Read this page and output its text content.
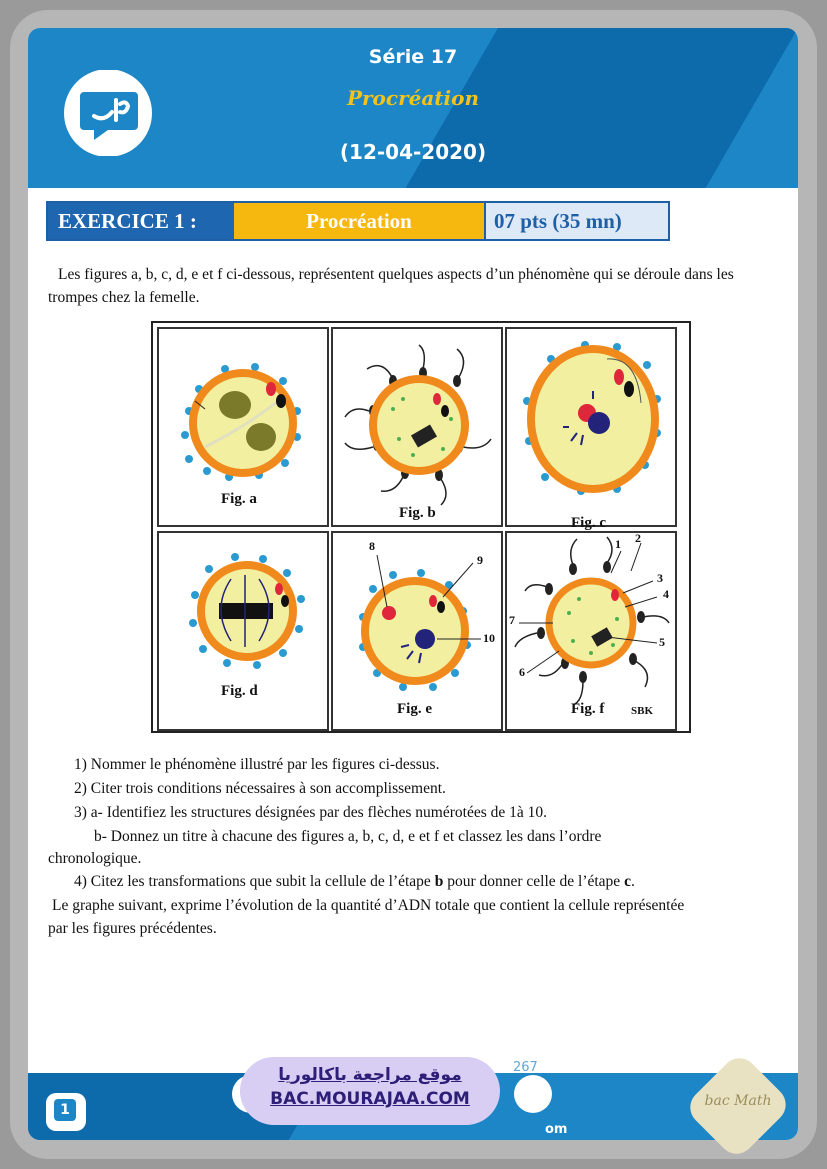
Série 17
Procréation
(12-04-2020)
EXERCICE 1 :	Procréation	07 pts (35 mn)
Les figures a, b, c, d, e et f ci-dessous, représentent quelques aspects d’un phénomène qui se déroule dans les trompes chez la femelle.
Fig. a
Fig. b
Fig. c
Fig. d
8
9
10
Fig. e
1 2
3
4
5
6
7
Fig. f SBK
1) Nommer le phénomène illustré par les figures ci-dessus.
2) Citer trois conditions nécessaires à son accomplissement.
3) a- Identifiez les structures désignées par des flèches numérotées de 1à 10.
b- Donnez un titre à chacune des figures a, b, c, d, e et f et classez les dans l’ordre
chronologique.
4) Citez les transformations que subit la cellule de l’étape b pour donner celle de l’étape c.
Le graphe suivant, exprime l’évolution de la quantité d’ADN totale que contient la cellule représentée
par les figures précédentes.
1
267
om
موقع مراجعة باكالوريا
BAC.MOURAJAA.COM	bac Math
